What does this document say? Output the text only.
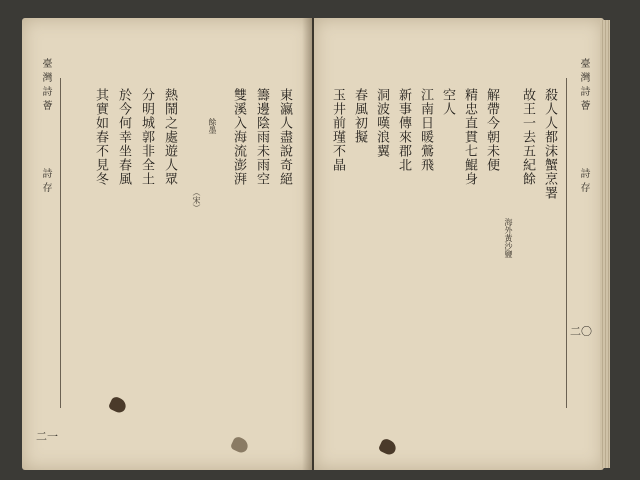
臺灣詩薈
詩存
二一
東瀛人盡說奇絕
籌邊陰雨未雨空
雙溪入海流澎湃
餘墨
（宋）
熱鬧之處遊人眾
分明城郭非全土
於今何幸坐春風
其實如春不見冬
臺灣詩薈
詩存
二〇
殺人人都沫蟹烹署
故王一去五紀餘
海外黃沙鹽
解帶今朝未便
精忠直貫七鯤身
空人
江南日暖鶯飛
新事傳來郡北
洞波嘆浪翼
春風初擬
玉井前瑾不晶
